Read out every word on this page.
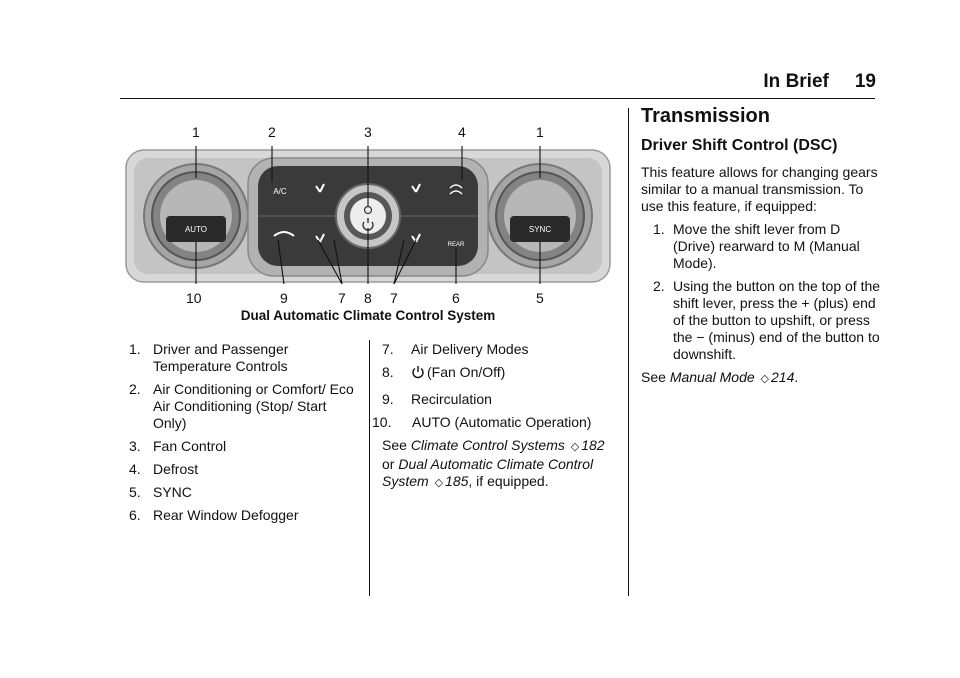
In Brief 19
AUTO	SYNC
A/C
REAR
1	2	3	4	1
10	9	7 8 7	6	5
Dual Automatic Climate Control System
1. Driver and Passenger Temperature Controls
2. Air Conditioning or Comfort/ Eco Air Conditioning (Stop/ Start Only)
3. Fan Control
4. Defrost
5. SYNC
6. Rear Window Defogger
7. Air Delivery Modes
8. (Fan On/Off)
9. Recirculation
10. AUTO (Automatic Operation)
See Climate Control Systems ◇ 182 or Dual Automatic Climate Control System ◇ 185, if equipped.
Transmission
Driver Shift Control (DSC)
This feature allows for changing gears similar to a manual transmission. To use this feature, if equipped:
1. Move the shift lever from D (Drive) rearward to M (Manual Mode).
2. Using the button on the top of the shift lever, press the + (plus) end of the button to upshift, or press the − (minus) end of the button to downshift.
See Manual Mode ◇ 214.
